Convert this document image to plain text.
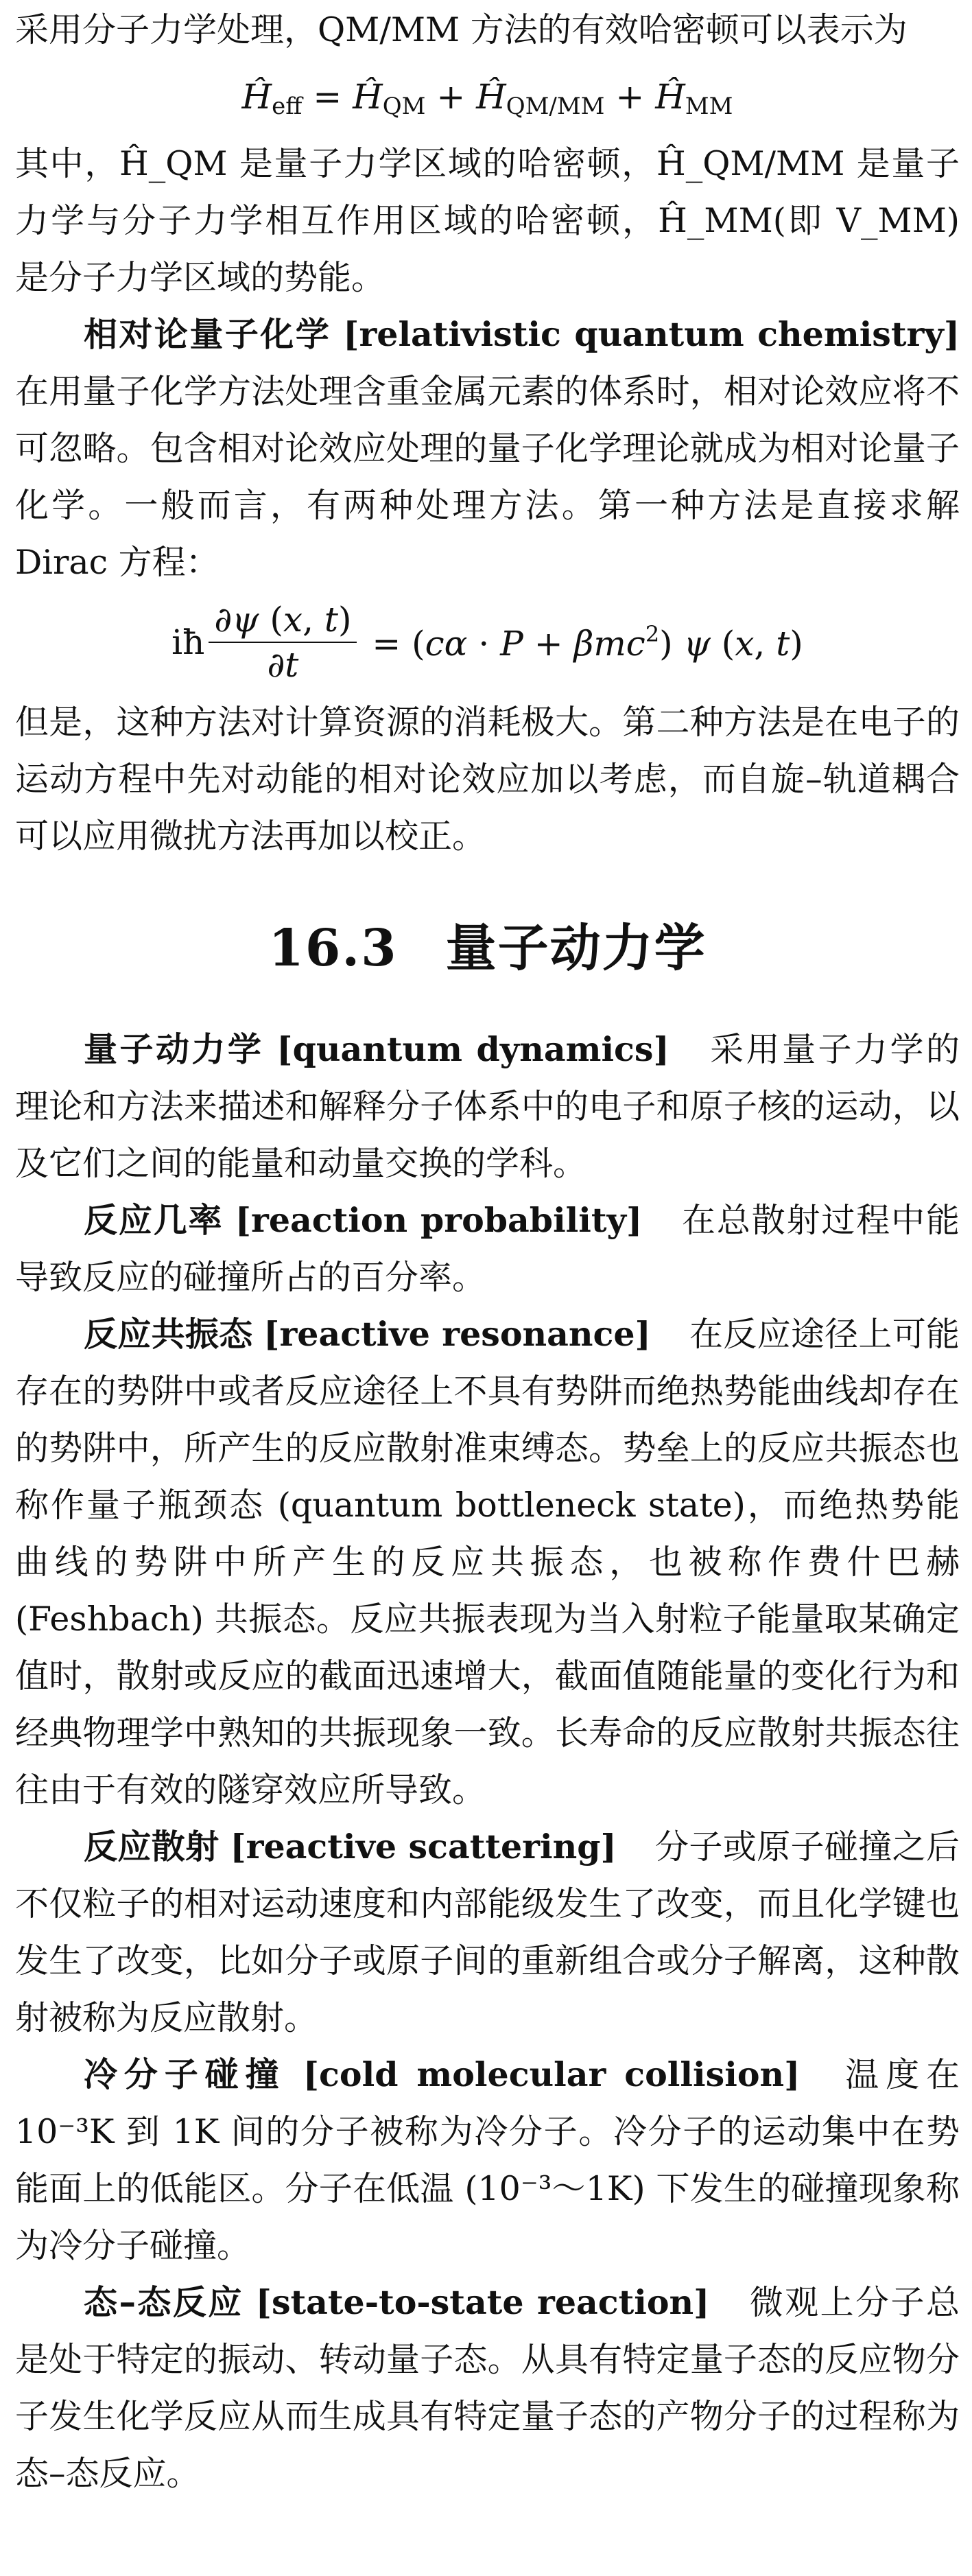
采用分子力学处理，QM/MM 方法的有效哈密顿可以表示为

$Ĥ_{eff}$ = $Ĥ_{QM}$ + $Ĥ_{QM/MM}$ + $Ĥ_{MM}$

其中，Ĥ_QM 是量子力学区域的哈密顿，Ĥ_QM/MM 是量子力学与分子力学相互作用区域的哈密顿，Ĥ_MM(即 V_MM) 是分子力学区域的势能。

相对论量子化学 [relativistic quantum chemistry]在用量子化学方法处理含重金属元素的体系时，相对论效应将不可忽略。包含相对论效应处理的量子化学理论就成为相对论量子化学。一般而言，有两种处理方法。第一种方法是直接求解 Dirac 方程：

iħ $\frac{\partial\psi (x, t)}{\partial t} = (c\alpha \cdot P + \beta mc^2)$ ψ (x, t)

但是，这种方法对计算资源的消耗极大。第二种方法是在电子的运动方程中先对动能的相对论效应加以考虑，而自旋–轨道耦合可以应用微扰方法再加以校正。

16.3 量子动力学

量子动力学 [quantum dynamics] 采用量子力学的理论和方法来描述和解释分子体系中的电子和原子核的运动，以及它们之间的能量和动量交换的学科。

反应几率 [reaction probability] 在总散射过程中能导致反应的碰撞所占的百分率。

反应共振态 [reactive resonance] 在反应途径上可能存在的势阱中或者反应途径上不具有势阱而绝热势能曲线却存在的势阱中，所产生的反应散射准束缚态。势垒上的反应共振态也称作量子瓶颈态 (quantum bottleneck state)，而绝热势能曲线的势阱中所产生的反应共振态，也被称作费什巴赫 (Feshbach) 共振态。反应共振表现为当入射粒子能量取某确定值时，散射或反应的截面迅速增大，截面值随能量的变化行为和经典物理学中熟知的共振现象一致。长寿命的反应散射共振态往往由于有效的隧穿效应所导致。

反应散射 [reactive scattering] 分子或原子碰撞之后不仅粒子的相对运动速度和内部能级发生了改变，而且化学键也发生了改变，比如分子或原子间的重新组合或分子解离，这种散射被称为反应散射。

冷分子碰撞 [cold molecular collision] 温度在 10⁻³K 到 1K 间的分子被称为冷分子。冷分子的运动集中在势能面上的低能区。分子在低温 (10⁻³～1K) 下发生的碰撞现象称为冷分子碰撞。

态–态反应 [state-to-state reaction] 微观上分子总是处于特定的振动、转动量子态。从具有特定量子态的反应物分子发生化学反应从而生成具有特定量子态的产物分子的过程称为态–态反应。
